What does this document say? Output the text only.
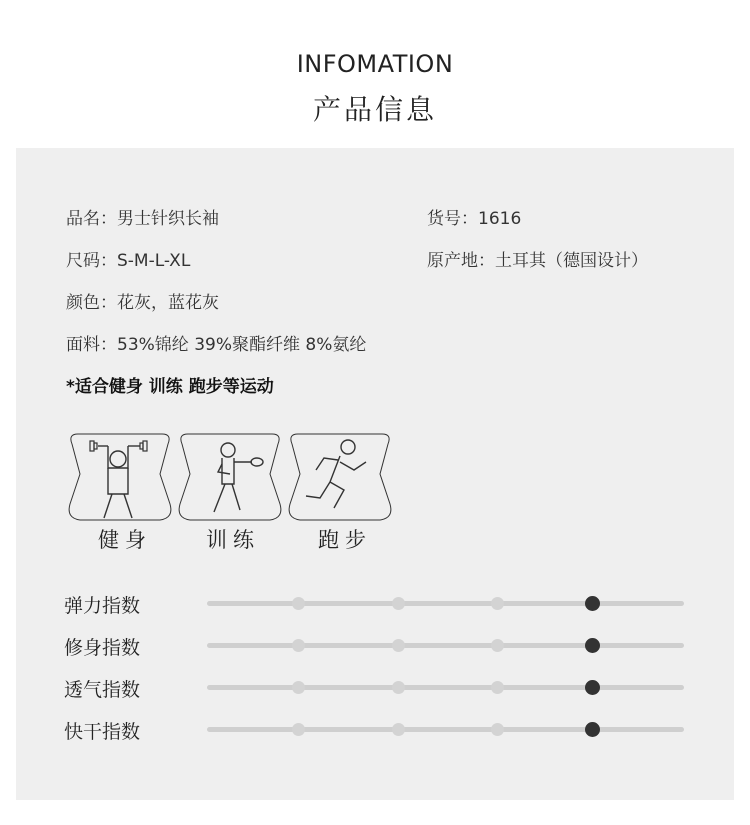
INFOMATION
产品信息
品名：男士针织长袖	货号：1616
尺码：S-M-L-XL	原产地：土耳其（德国设计）
颜色：花灰，蓝花灰
面料：53%锦纶 39%聚酯纤维 8%氨纶
*适合健身 训练 跑步等运动
健身	训练	跑步
弹力指数
修身指数
透气指数
快干指数
